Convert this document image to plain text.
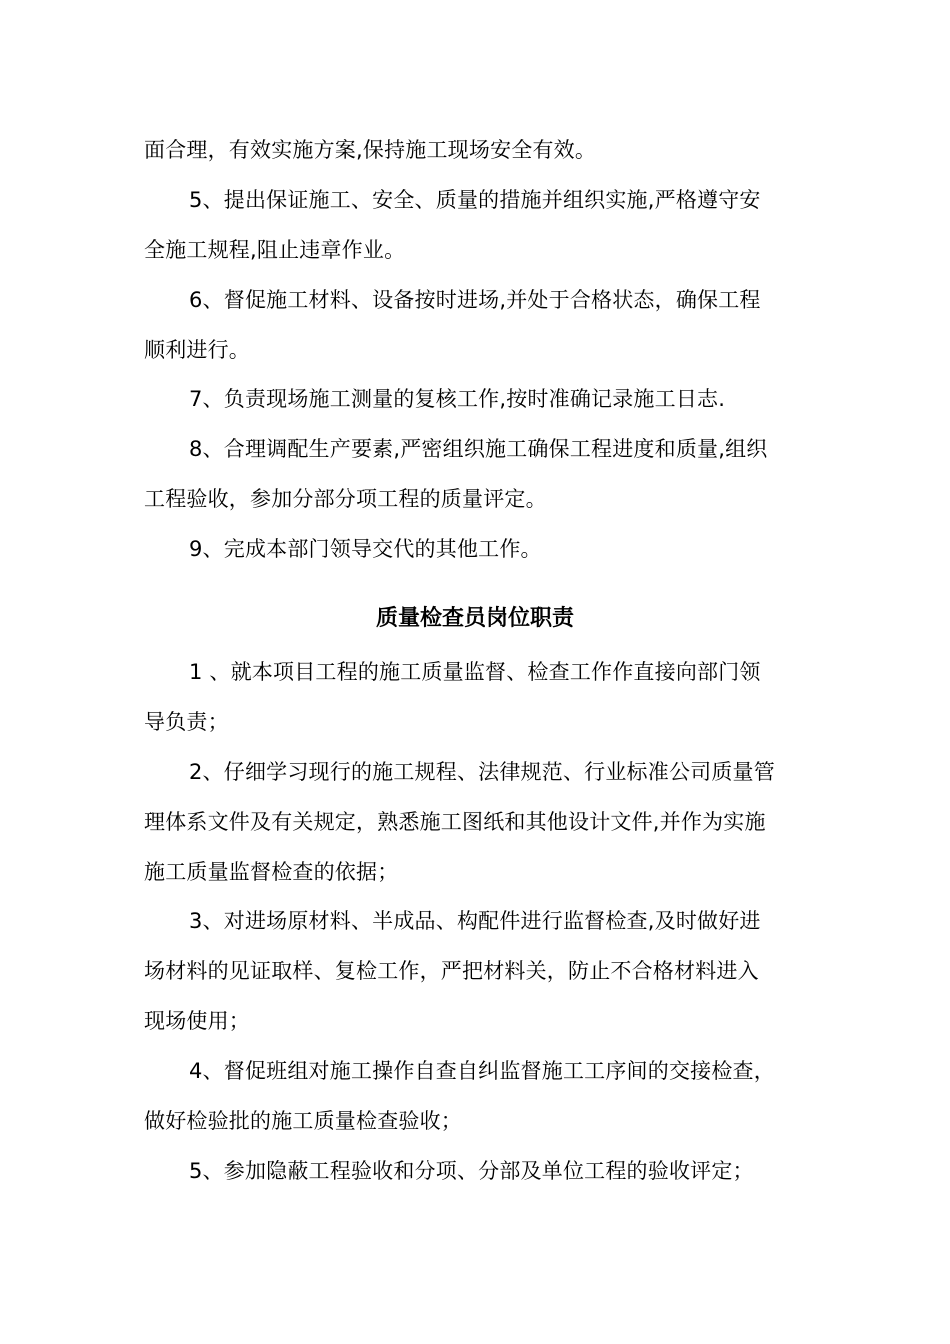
面合理，有效实施方案,保持施工现场安全有效。
5、提出保证施工、安全、质量的措施并组织实施,严格遵守安
全施工规程,阻止违章作业。
6、督促施工材料、设备按时进场,并处于合格状态，确保工程
顺利进行。
7、负责现场施工测量的复核工作,按时准确记录施工日志.
8、合理调配生产要素,严密组织施工确保工程进度和质量,组织
工程验收，参加分部分项工程的质量评定。
9、完成本部门领导交代的其他工作。
质量检查员岗位职责
1 、就本项目工程的施工质量监督、检查工作作直接向部门领
导负责；
2、仔细学习现行的施工规程、法律规范、行业标准公司质量管
理体系文件及有关规定，熟悉施工图纸和其他设计文件,并作为实施
施工质量监督检查的依据；
3、对进场原材料、半成品、构配件进行监督检查,及时做好进
场材料的见证取样、复检工作，严把材料关，防止不合格材料进入
现场使用；
4、督促班组对施工操作自查自纠监督施工工序间的交接检查，
做好检验批的施工质量检查验收；
5、参加隐蔽工程验收和分项、分部及单位工程的验收评定；
